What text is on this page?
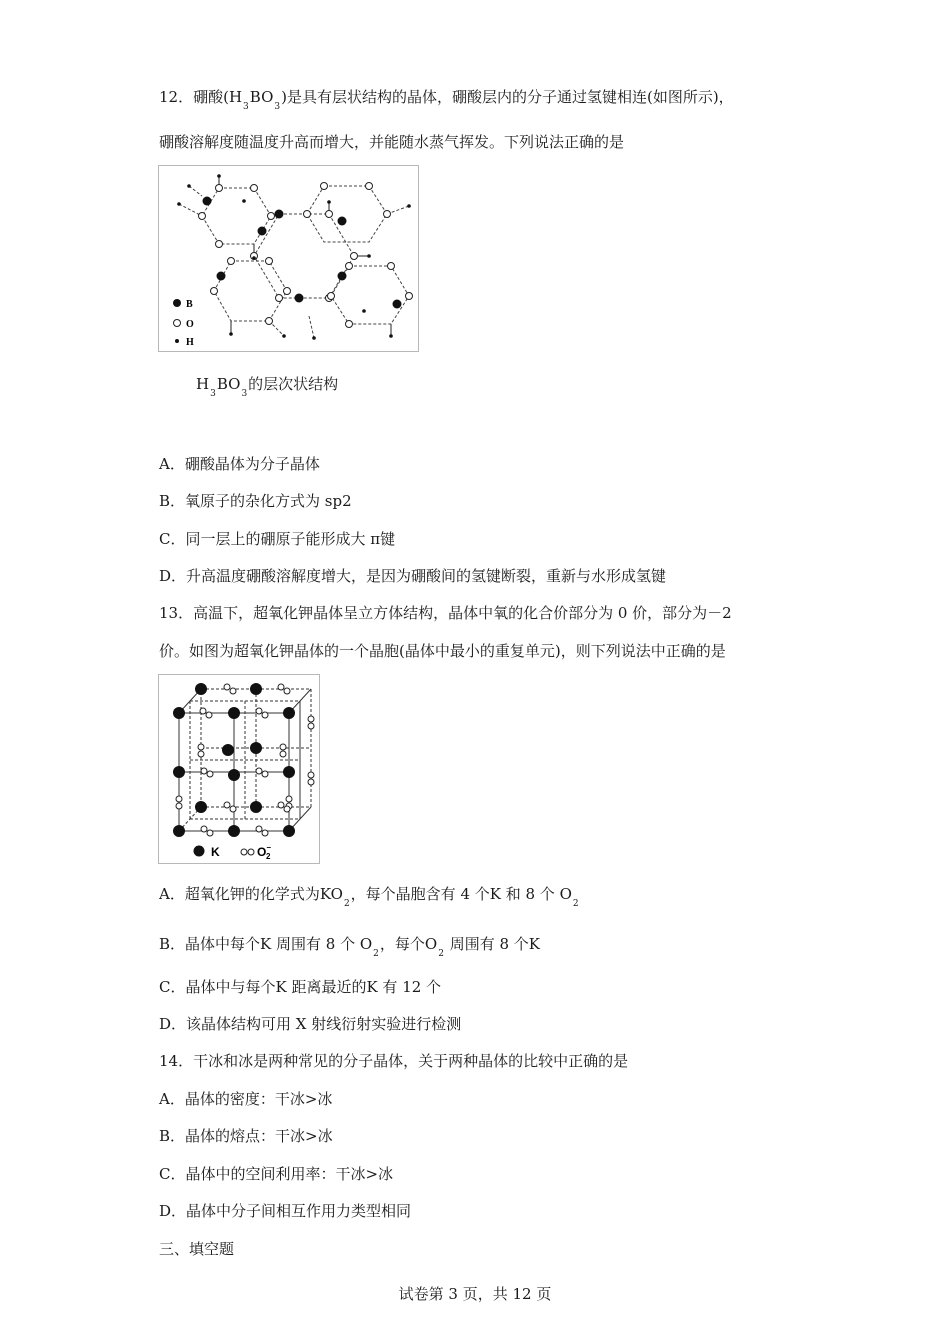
12．硼酸$(H_3BO_3)$是具有层状结构的晶体，硼酸层内的分子通过氢键相连(如图所示)，
硼酸溶解度随温度升高而增大，并能随水蒸气挥发。下列说法正确的是
B
O
H
$H_3BO_3$的层次状结构
A．硼酸晶体为分子晶体
B．氧原子的杂化方式为 sp2
C．同一层上的硼原子能形成大 π键
D．升高温度硼酸溶解度增大，是因为硼酸间的氢键断裂，重新与水形成氢键
13．高温下，超氧化钾晶体呈立方体结构，晶体中氧的化合价部分为 0 价，部分为－2
价。如图为超氧化钾晶体的一个晶胞(晶体中最小的重复单元)，则下列说法中正确的是
K	O− 2
A．超氧化钾的化学式为$KO_2$，每个晶胞含有 4 个K 和 8 个 $O_2$
B．晶体中每个K 周围有 8 个 $O_2$，每个$O_2$ 周围有 8 个K
C．晶体中与每个K 距离最近的K 有 12 个
D．该晶体结构可用 X 射线衍射实验进行检测
14．干冰和冰是两种常见的分子晶体，关于两种晶体的比较中正确的是
A．晶体的密度：干冰>冰
B．晶体的熔点：干冰>冰
C．晶体中的空间利用率：干冰>冰
D．晶体中分子间相互作用力类型相同
三、填空题
试卷第 3 页，共 12 页
